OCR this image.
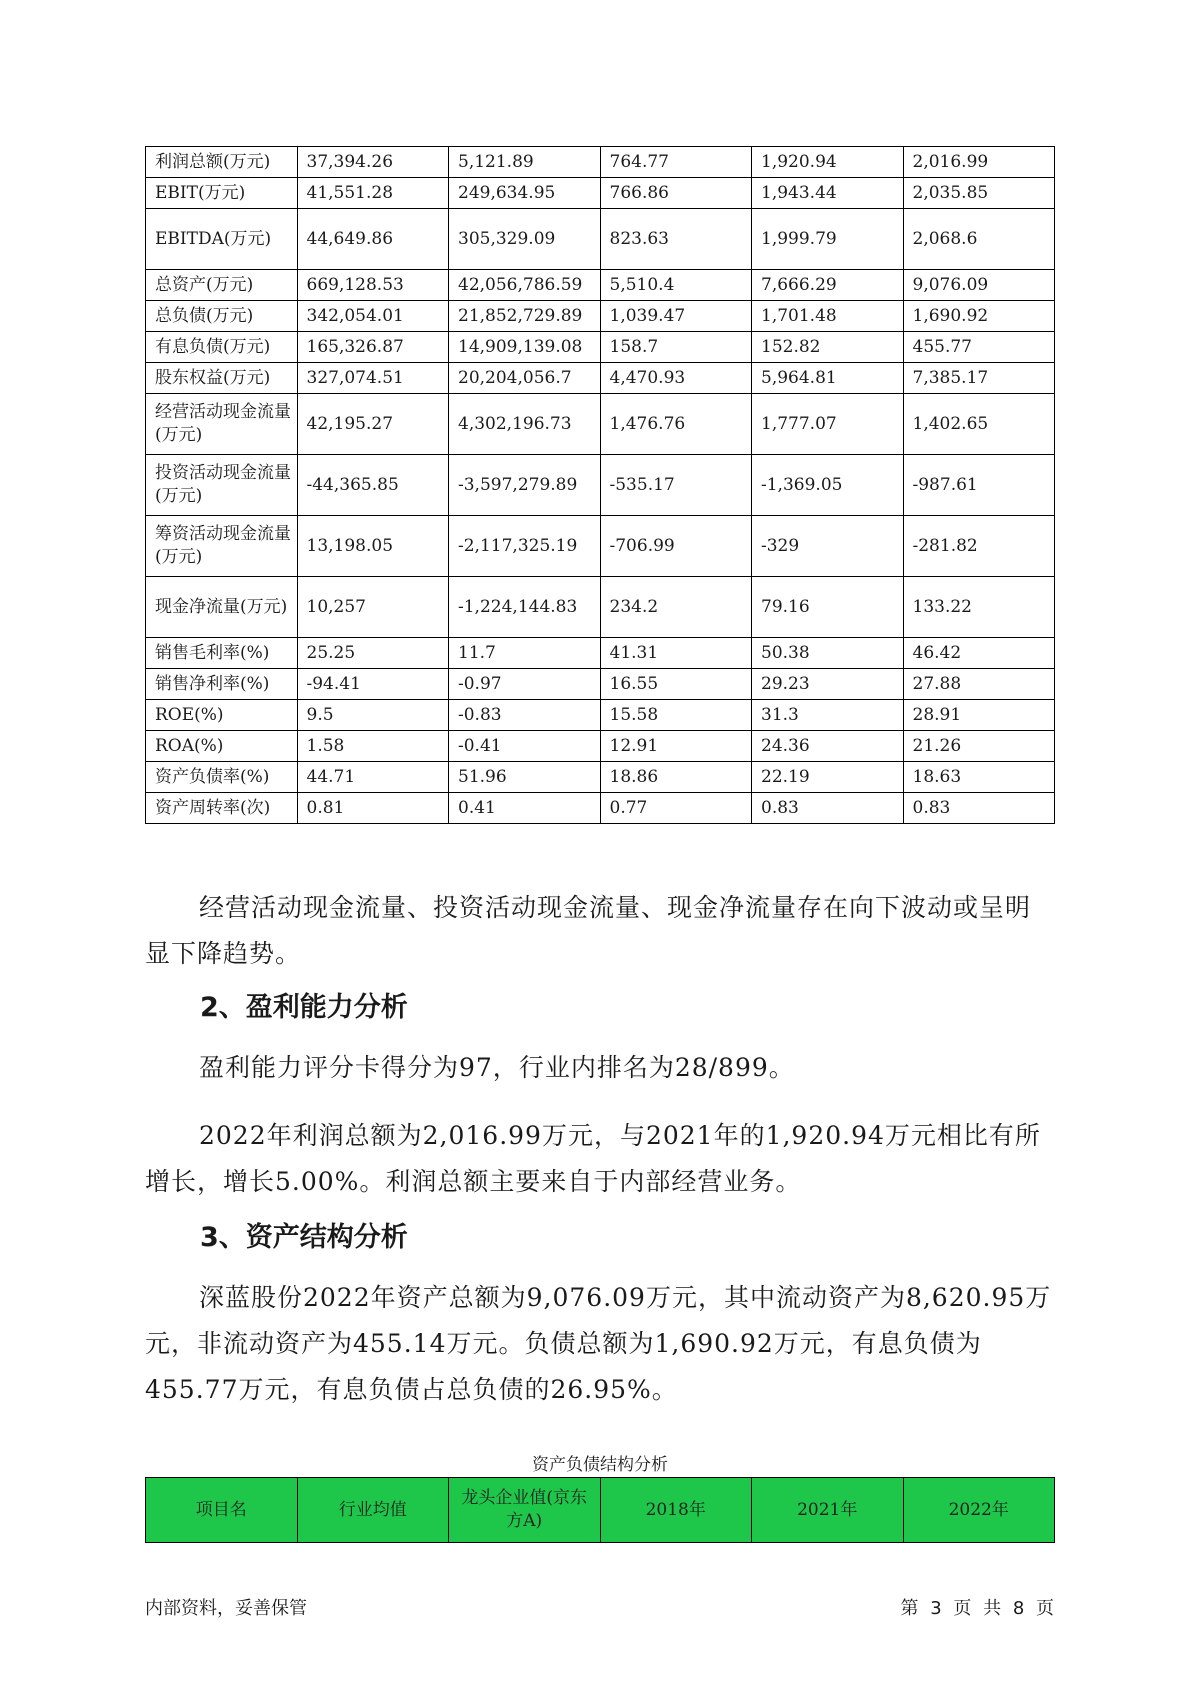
利润总额(万元)	37,394.26	5,121.89	764.77	1,920.94	2,016.99
EBIT(万元)	41,551.28	249,634.95	766.86	1,943.44	2,035.85
EBITDA(万元)	44,649.86	305,329.09	823.63	1,999.79	2,068.6
总资产(万元)	669,128.53	42,056,786.59	5,510.4	7,666.29	9,076.09
总负债(万元)	342,054.01	21,852,729.89	1,039.47	1,701.48	1,690.92
有息负债(万元)	165,326.87	14,909,139.08	158.7	152.82	455.77
股东权益(万元)	327,074.51	20,204,056.7	4,470.93	5,964.81	7,385.17
经营活动现金流量(万元)	42,195.27	4,302,196.73	1,476.76	1,777.07	1,402.65
投资活动现金流量(万元)	-44,365.85	-3,597,279.89	-535.17	-1,369.05	-987.61
筹资活动现金流量(万元)	13,198.05	-2,117,325.19	-706.99	-329	-281.82
现金净流量(万元)	10,257	-1,224,144.83	234.2	79.16	133.22
销售毛利率(%)	25.25	11.7	41.31	50.38	46.42
销售净利率(%)	-94.41	-0.97	16.55	29.23	27.88
ROE(%)	9.5	-0.83	15.58	31.3	28.91
ROA(%)	1.58	-0.41	12.91	24.36	21.26
资产负债率(%)	44.71	51.96	18.86	22.19	18.63
资产周转率(次)	0.81	0.41	0.77	0.83	0.83

经营活动现金流量、投资活动现金流量、现金净流量存在向下波动或呈明显下降趋势。

2、盈利能力分析

盈利能力评分卡得分为97，行业内排名为28/899。

2022年利润总额为2,016.99万元，与2021年的1,920.94万元相比有所增长，增长5.00%。利润总额主要来自于内部经营业务。

3、资产结构分析

深蓝股份2022年资产总额为9,076.09万元，其中流动资产为8,620.95万元，非流动资产为455.14万元。负债总额为1,690.92万元，有息负债为455.77万元，有息负债占总负债的26.95%。

资产负债结构分析
项目名	行业均值	龙头企业值(京东方A)	2018年	2021年	2022年
内部资料，妥善保管	第 3 页 共 8 页
